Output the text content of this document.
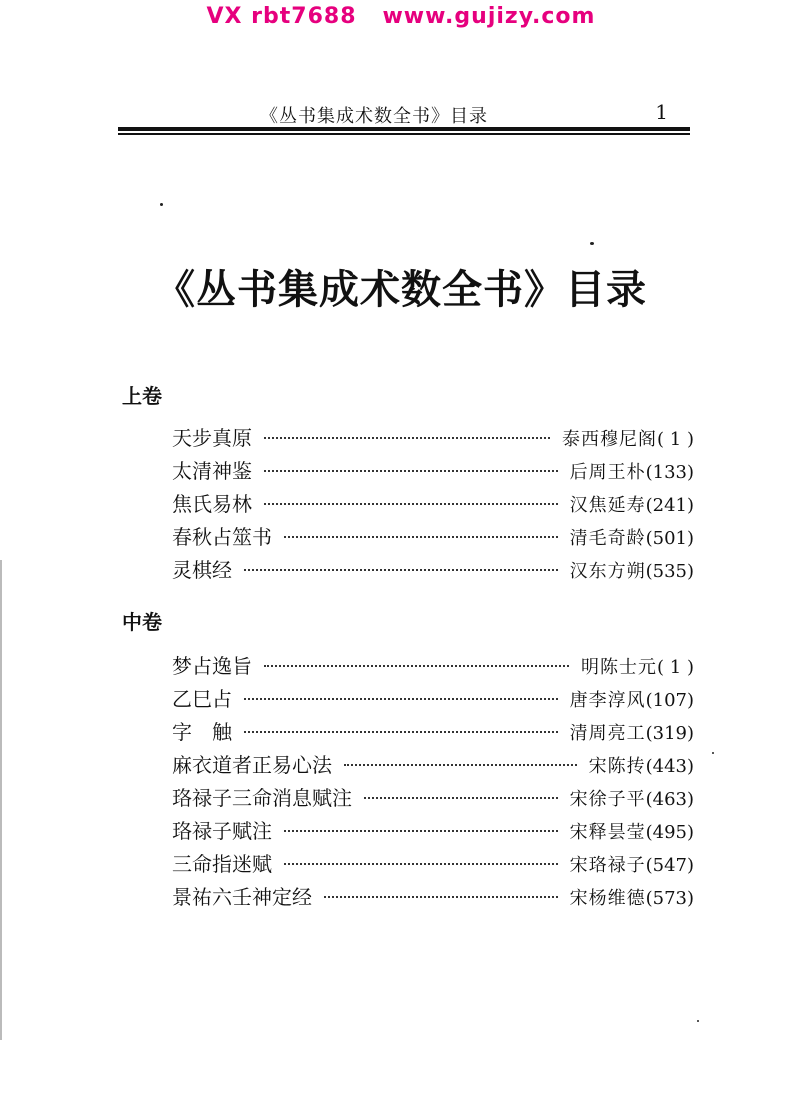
VX rbt7688   www.gujizy.com
《丛书集成术数全书》目录	1
《丛书集成术数全书》目录
上卷
天步真原	泰西穆尼阁 ( 1 )
太清神鉴	后周王朴 (133)
焦氏易林	汉焦延寿 (241)
春秋占筮书	清毛奇龄 (501)
灵棋经	汉东方朔 (535)
中卷
梦占逸旨	明陈士元 ( 1 )
乙巳占	唐李淳风 (107)
字　触	清周亮工 (319)
麻衣道者正易心法	宋陈抟 (443)
珞禄子三命消息赋注	宋徐子平 (463)
珞禄子赋注	宋释昙莹 (495)
三命指迷赋	宋珞禄子 (547)
景祐六壬神定经	宋杨维德 (573)
